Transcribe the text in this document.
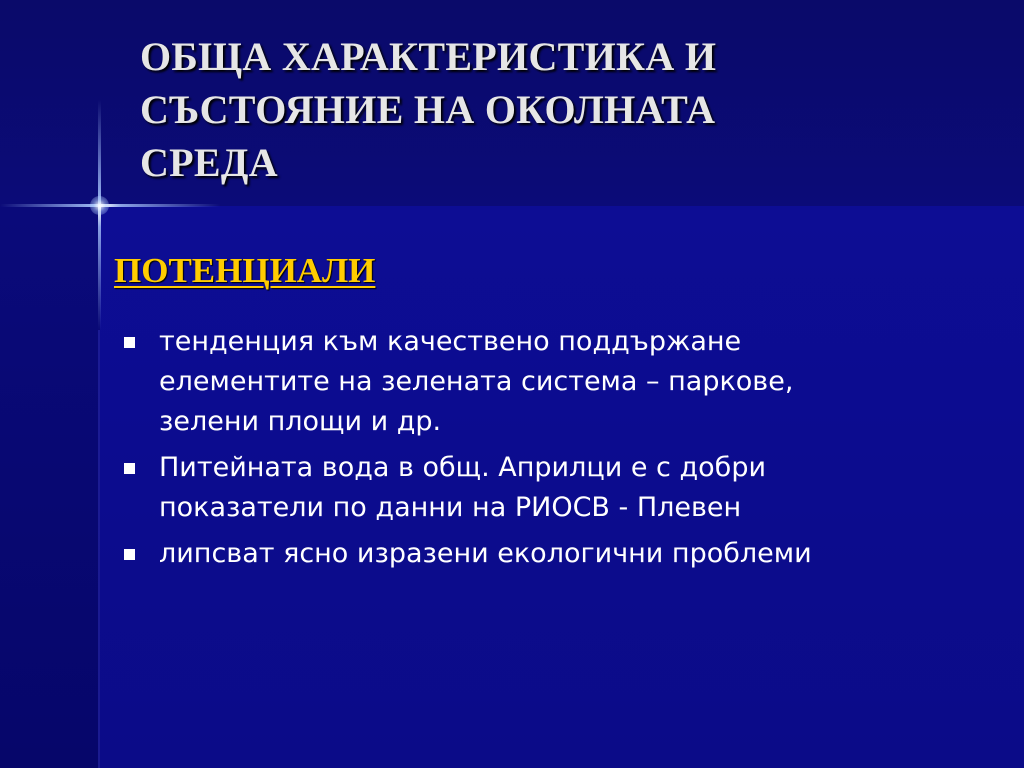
ОБЩА ХАРАКТЕРИСТИКА И
СЪСТОЯНИЕ НА ОКОЛНАТА
СРЕДА
ПОТЕНЦИАЛИ
тенденция към качествено поддържане
елементите на зелената система – паркове,
зелени площи и др.
Питейната вода в общ. Априлци е с добри
показатели по данни на РИОСВ - Плевен
липсват ясно изразени екологични проблеми
